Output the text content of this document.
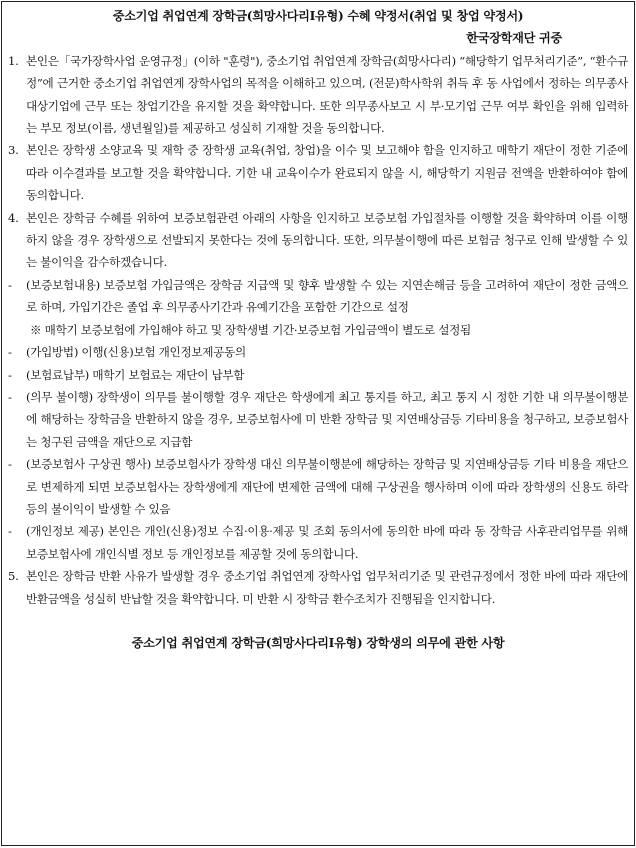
중소기업 취업연계 장학금(희망사다리Ⅰ유형) 수혜 약정서(취업 및 창업 약정서)
한국장학재단 귀중
1. 본인은「국가장학사업 운영규정」(이하 "훈령"), 중소기업 취업연계 장학금(희망사다리) “해당학기 업무처리기준”, “환수규정”에 근거한 중소기업 취업연계 장학사업의 목적을 이해하고 있으며, (전문)학사학위 취득 후 동 사업에서 정하는 의무종사 대상기업에 근무 또는 창업기간을 유지할 것을 확약합니다. 또한 의무종사보고 시 부·모기업 근무 여부 확인을 위해 입력하는 부모 정보(이름, 생년월일)를 제공하고 성실히 기재할 것을 동의합니다.
3. 본인은 장학생 소양교육 및 재학 중 장학생 교육(취업, 창업)을 이수 및 보고해야 함을 인지하고 매학기 재단이 정한 기준에 따라 이수결과를 보고할 것을 확약합니다. 기한 내 교육이수가 완료되지 않을 시, 해당학기 지원금 전액을 반환하여야 함에 동의합니다.
4. 본인은 장학금 수혜를 위하여 보증보험관련 아래의 사항을 인지하고 보증보험 가입절차를 이행할 것을 확약하며 이를 이행하지 않을 경우 장학생으로 선발되지 못한다는 것에 동의합니다. 또한, 의무불이행에 따른 보험금 청구로 인해 발생할 수 있는 불이익을 감수하겠습니다.
-	(보증보험내용) 보증보험 가입금액은 장학금 지급액 및 향후 발생할 수 있는 지연손해금 등을 고려하여 재단이 정한 금액으로 하며, 가입기간은 졸업 후 의무종사기간과 유예기간을 포함한 기간으로 설정
※ 매학기 보증보험에 가입해야 하고 및 장학생별 기간·보증보험 가입금액이 별도로 설정됨
-	(가입방법) 이행(신용)보험 개인정보제공동의
-	(보험료납부) 매학기 보험료는 재단이 납부함
-	(의무 불이행) 장학생이 의무를 불이행할 경우 재단은 학생에게 최고 통지를 하고, 최고 통지 시 정한 기한 내 의무불이행분에 해당하는 장학금을 반환하지 않을 경우, 보증보험사에 미 반환 장학금 및 지연배상금등 기타비용을 청구하고, 보증보험사는 청구된 금액을 재단으로 지급함
-	(보증보험사 구상권 행사) 보증보험사가 장학생 대신 의무불이행분에 해당하는 장학금 및 지연배상금등 기타 비용을 재단으로 변제하게 되면 보증보험사는 장학생에게 재단에 변제한 금액에 대해 구상권을 행사하며 이에 따라 장학생의 신용도 하락 등의 불이익이 발생할 수 있음
-	(개인정보 제공) 본인은 개인(신용)정보 수집·이용·제공 및 조회 동의서에 동의한 바에 따라 동 장학금 사후관리업무를 위해 보증보험사에 개인식별 정보 등 개인정보를 제공할 것에 동의합니다.
5. 본인은 장학금 반환 사유가 발생할 경우 중소기업 취업연계 장학사업 업무처리기준 및 관련규정에서 정한 바에 따라 재단에 반환금액을 성실히 반납할 것을 확약합니다. 미 반환 시 장학금 환수조치가 진행됨을 인지합니다.
중소기업 취업연계 장학금(희망사다리Ⅰ유형) 장학생의 의무에 관한 사항
